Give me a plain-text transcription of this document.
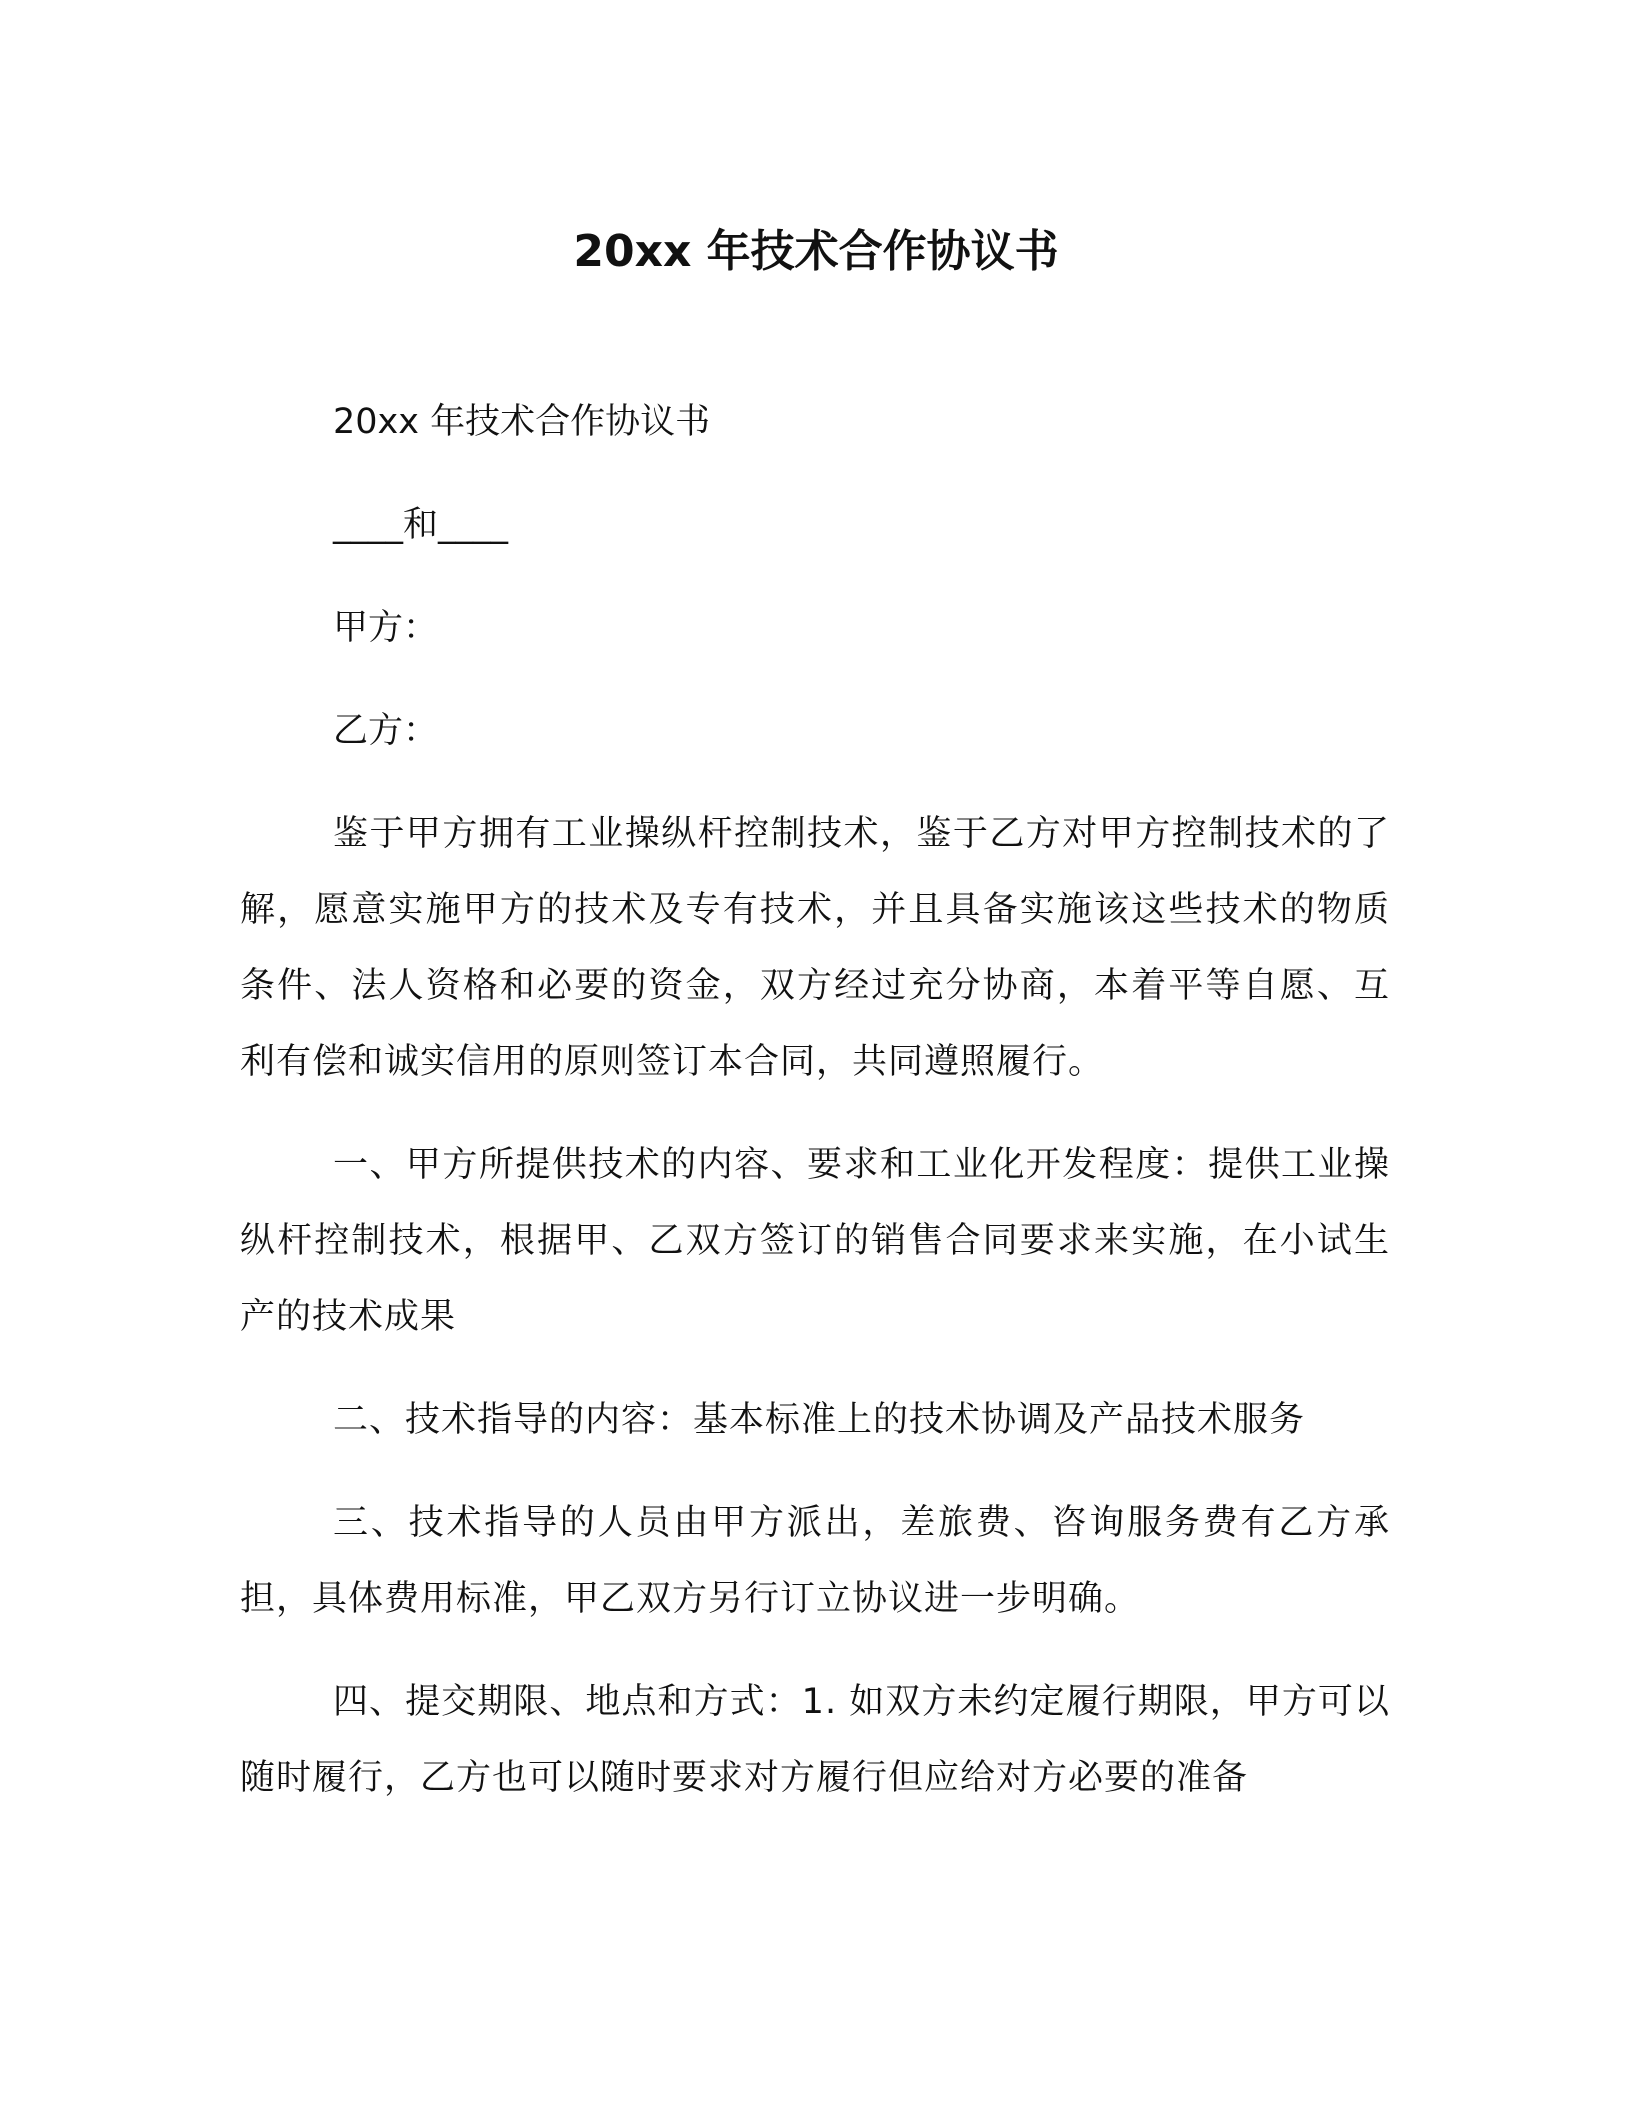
20xx 年技术合作协议书

20xx 年技术合作协议书

____和____

甲方：

乙方：

鉴于甲方拥有工业操纵杆控制技术，鉴于乙方对甲方控制技术的了解，愿意实施甲方的技术及专有技术，并且具备实施该这些技术的物质条件、法人资格和必要的资金，双方经过充分协商，本着平等自愿、互利有偿和诚实信用的原则签订本合同，共同遵照履行。

一、甲方所提供技术的内容、要求和工业化开发程度：提供工业操纵杆控制技术，根据甲、乙双方签订的销售合同要求来实施，在小试生产的技术成果

二、技术指导的内容：基本标准上的技术协调及产品技术服务

三、技术指导的人员由甲方派出，差旅费、咨询服务费有乙方承担，具体费用标准，甲乙双方另行订立协议进一步明确。

四、提交期限、地点和方式：1. 如双方未约定履行期限，甲方可以随时履行，乙方也可以随时要求对方履行但应给对方必要的准备
